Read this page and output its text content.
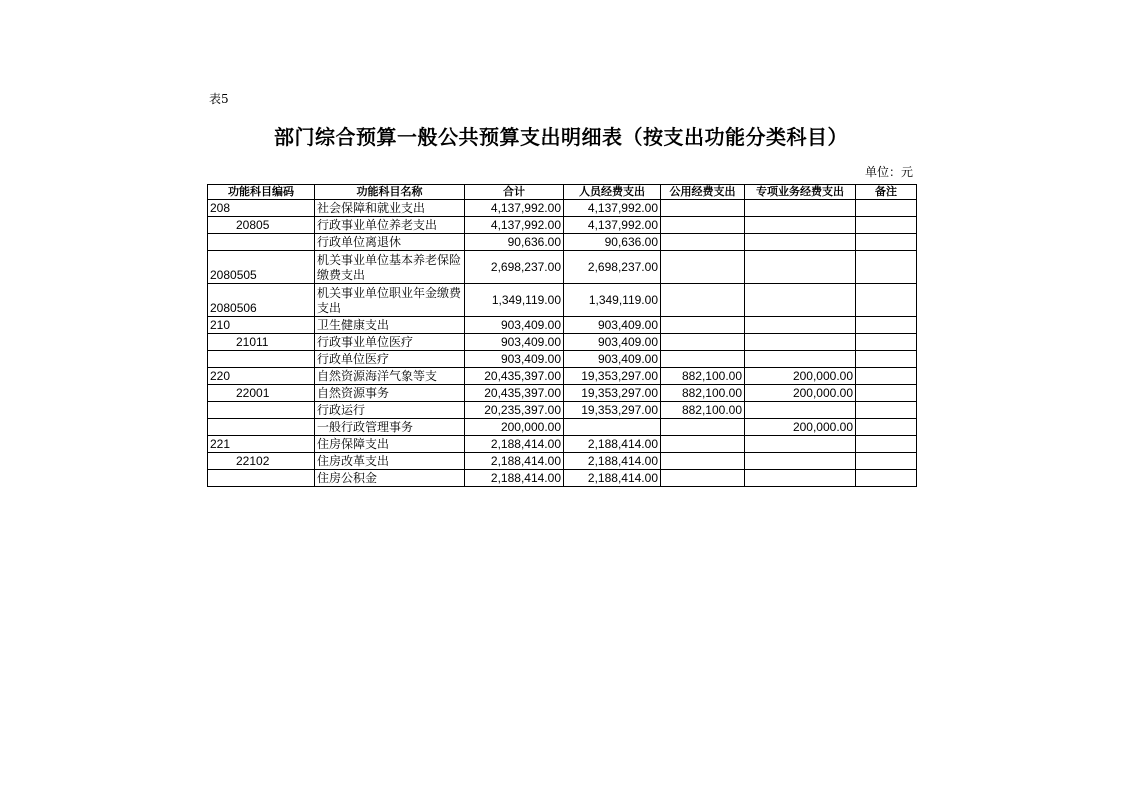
表5
部门综合预算一般公共预算支出明细表（按支出功能分类科目）
单位：元
功能科目编码	功能科目名称	合计	人员经费支出	公用经费支出	专项业务经费支出	备注
208	社会保障和就业支出	4,137,992.00	4,137,992.00			
20805	行政事业单位养老支出	4,137,992.00	4,137,992.00			
	行政单位离退休	90,636.00	90,636.00			
2080505	机关事业单位基本养老保险缴费支出	2,698,237.00	2,698,237.00			
2080506	机关事业单位职业年金缴费支出	1,349,119.00	1,349,119.00			
210	卫生健康支出	903,409.00	903,409.00			
21011	行政事业单位医疗	903,409.00	903,409.00			
	行政单位医疗	903,409.00	903,409.00			
220	自然资源海洋气象等支	20,435,397.00	19,353,297.00	882,100.00	200,000.00	
22001	自然资源事务	20,435,397.00	19,353,297.00	882,100.00	200,000.00	
	行政运行	20,235,397.00	19,353,297.00	882,100.00		
	一般行政管理事务	200,000.00			200,000.00	
221	住房保障支出	2,188,414.00	2,188,414.00			
22102	住房改革支出	2,188,414.00	2,188,414.00			
	住房公积金	2,188,414.00	2,188,414.00			
